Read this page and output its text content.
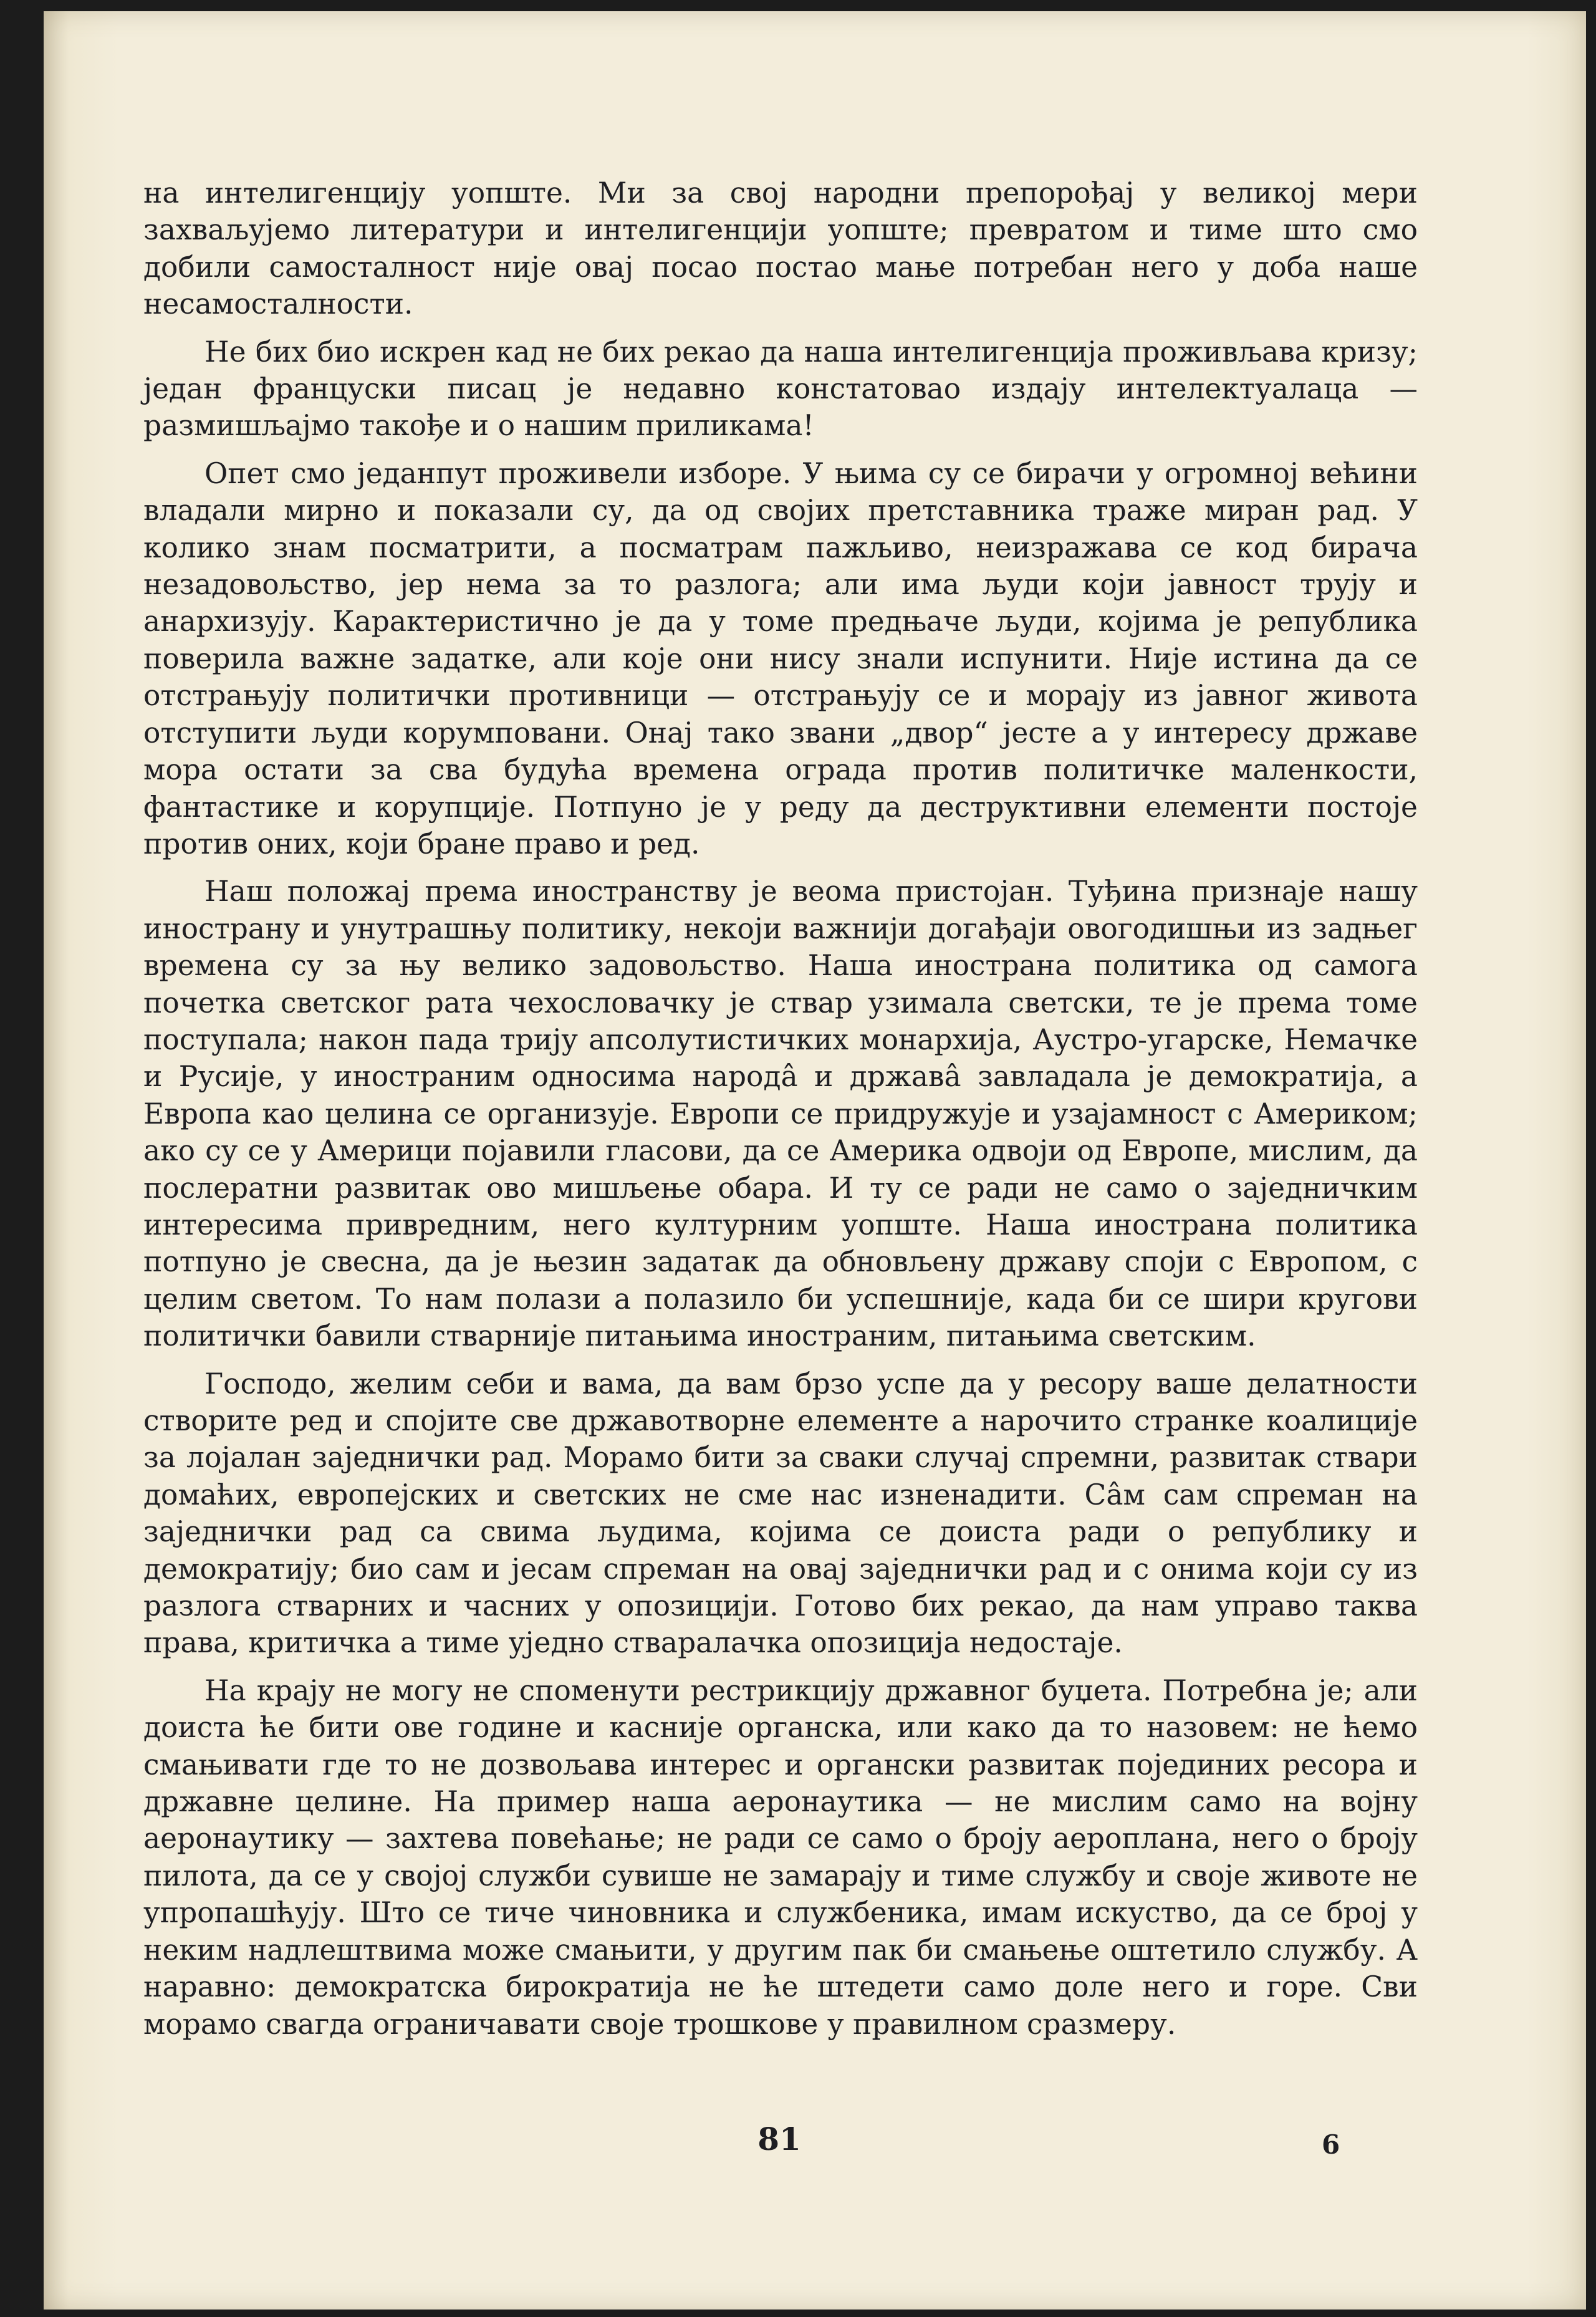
на интелигенцију уопште. Ми за свој народни препорођај у великој мери захваљујемо литератури и интелигенцији уопште; превратом и тиме што смо добили самосталност није овај посао постао мање потребан него у доба наше несамосталности.

Не бих био искрен кад не бих рекао да наша интелигенција проживљава кризу; један француски писац је недавно констатовао издају интелектуалаца — размишљајмо такође и о нашим приликама!

Опет смо једанпут проживели изборе. У њима су се бирачи у огромној већини владали мирно и показали су, да од својих претставника траже миран рад. У колико знам посматрити, а посматрам пажљиво, неизражава се код бирача незадовољство, јер нема за то разлога; али има људи који јавност трују и анархизују. Карактеристично је да у томе предњаче људи, којима је република поверила важне задатке, али које они нису знали испунити. Није истина да се отстрањују политички противници — отстрањују се и морају из јавног живота отступити људи корумповани. Онај тако звани „двор“ јесте а у интересу државе мора остати за сва будућа времена ограда против политичке маленкости, фантастике и корупције. Потпуно је у реду да деструктивни елементи постоје против оних, који бране право и ред.

Наш положај према иностранству је веома пристојан. Туђина признаје нашу иностранy и унутрашњу политику, некоји важнији догађаји овогодишњи из задњег времена су за њу велико задовољство. Наша иностранa политика од самога почетка светског рата чехословачку је ствар узимала светски, те је према томе поступала; након пада трију апсолутистичких монархија, Аустро-угарске, Немачке и Русије, у иностраним односима народâ и државâ завладала је демократија, а Европа као целина се организује. Европи се придружује и узајамност с Америком; ако су се у Америци појавили гласови, да се Америка одвоји од Европе, мислим, да послератни развитак ово мишљење обара. И ту се ради не само о заједничким интересима привредним, него културним уопште. Наша иностранa политика потпуно је свесна, да је њезин задатак да обновљену државу споји с Европом, с целим светом. То нам полази а полазило би успешније, када би се шири кругови политички бавили стварније питањима иностраним, питањима светским.

Господо, желим себи и вама, да вам брзо успе да у ресору ваше делатности створите ред и спојите све државотворне елементе а нарочито странке коалиције за лојалан заједнички рад. Морамо бити за сваки случај спремни, развитак ствари домаћих, европејских и светских не сме нас изненадити. Сâм сам спреман на заједнички рад са свима људима, којима се доиста ради о републику и демократију; био сам и јесам спреман на овај заједнички рад и с онима који су из разлога стварних и часних у опозицији. Готово бих рекао, да нам управо таква права, критичка а тиме уједно стваралачка опозиција недостаје.

На крају не могу не споменути рестрикцију државног буџета. Потребна је; али доиста ће бити ове године и касније органска, или како да то назовем: не ћемо смањивати где то не дозвољава интерес и органски развитак појединих ресора и државне целине. На пример наша аеронаутика — не мислим само на војну аеронаутику — захтева повећање; не ради се само о броју аероплана, него о броју пилота, да се у својој служби сувише не замарају и тиме службу и своје животе не упропашћују. Што се тиче чиновника и службеника, имам искуство, да се број у неким надлештвима може смањити, у другим пак би смањење оштетило службу. А наравно: демократска бирократија не ће штедети само доле него и горе. Сви морамо свагда ограничавати своје трошкове у правилном сразмеру.

81	6
